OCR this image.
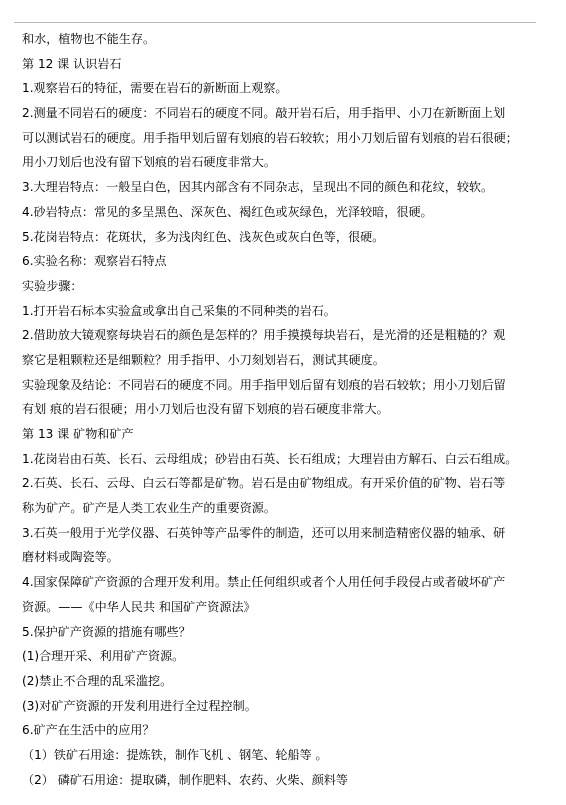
和水，植物也不能生存。
第 12 课 认识岩石
1.观察岩石的特征，需要在岩石的新断面上观察。
2.测量不同岩石的硬度：不同岩石的硬度不同。敲开岩石后，用手指甲、小刀在新断面上划
可以测试岩石的硬度。用手指甲划后留有划痕的岩石较软；用小刀划后留有划痕的岩石很硬；
用小刀划后也没有留下划痕的岩石硬度非常大。
3.大理岩特点：一般呈白色，因其内部含有不同杂志，呈现出不同的颜色和花纹，较软。
4.砂岩特点：常见的多呈黑色、深灰色、褐红色或灰绿色，光泽较暗，很硬。
5.花岗岩特点：花斑状，多为浅肉红色、浅灰色或灰白色等，很硬。
6.实验名称：观察岩石特点
实验步骤：
1.打开岩石标本实验盒或拿出自己采集的不同种类的岩石。
2.借助放大镜观察每块岩石的颜色是怎样的？用手摸摸每块岩石，是光滑的还是粗糙的？观
察它是粗颗粒还是细颗粒？用手指甲、小刀刻划岩石，测试其硬度。
实验现象及结论：不同岩石的硬度不同。用手指甲划后留有划痕的岩石较软；用小刀划后留
有划 痕的岩石很硬；用小刀划后也没有留下划痕的岩石硬度非常大。
第 13 课 矿物和矿产
1.花岗岩由石英、长石、云母组成；砂岩由石英、长石组成；大理岩由方解石、白云石组成。
2.石英、长石、云母、白云石等都是矿物。岩石是由矿物组成。有开采价值的矿物、岩石等
称为矿产。矿产是人类工农业生产的重要资源。
3.石英一般用于光学仪器、石英钟等产品零件的制造，还可以用来制造精密仪器的轴承、研
磨材料或陶瓷等。
4.国家保障矿产资源的合理开发利用。禁止任何组织或者个人用任何手段侵占或者破坏矿产
资源。——《中华人民共 和国矿产资源法》
5.保护矿产资源的措施有哪些？
(1)合理开采、利用矿产资源。
(2)禁止不合理的乱采滥挖。
(3)对矿产资源的开发利用进行全过程控制。
6.矿产在生活中的应用？
（1）铁矿石用途：提炼铁，制作飞机 、钢笔、轮船等 。
（2） 磷矿石用途：提取磷，制作肥料、农药、火柴、颜料等
